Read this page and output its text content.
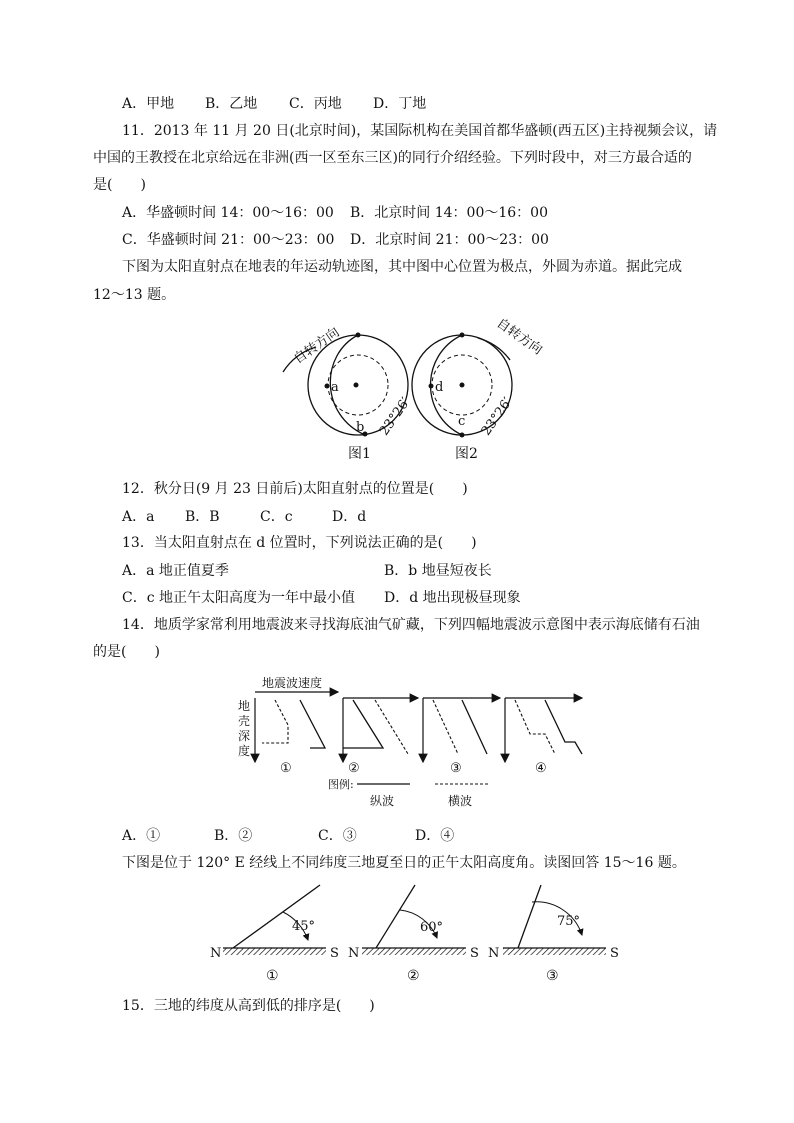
A．甲地 B．乙地 C．丙地 D．丁地
11．2013 年 11 月 20 日(北京时间)，某国际机构在美国首都华盛顿(西五区)主持视频会议，请
中国的王教授在北京给远在非洲(西一区至东三区)的同行介绍经验。下列时段中，对三方最合适的
是(　　)
A．华盛顿时间 14：00～16：00 B．北京时间 14：00～16：00
C．华盛顿时间 21：00～23：00 D．北京时间 21：00～23：00
下图为太阳直射点在地表的年运动轨迹图，其中图中心位置为极点，外圆为赤道。据此完成
12～13 题。
自转方向
a
b 23°26′
图1
d
c 23°26′
自转方向
图2
12．秋分日(9 月 23 日前后)太阳直射点的位置是(　　)
A．a B．B	C．c	D．d
13．当太阳直射点在 d 位置时，下列说法正确的是(　　)
A．a 地正值夏季	B．b 地昼短夜长
C．c 地正午太阳高度为一年中最小值 D．d 地出现极昼现象
14．地质学家常利用地震波来寻找海底油气矿藏，下列四幅地震波示意图中表示海底储有石油
的是(　　)
地震波速度
地
壳
深
度
①	②	③	④
图例:
纵波	横波
A．①	B．②	C．③	D．④
下图是位于 120° E 经线上不同纬度三地夏至日的正午太阳高度角。读图回答 15～16 题。
N	S
45°
①
N	S
60°
②
N	S
75°
③
15．三地的纬度从高到低的排序是(　　)
